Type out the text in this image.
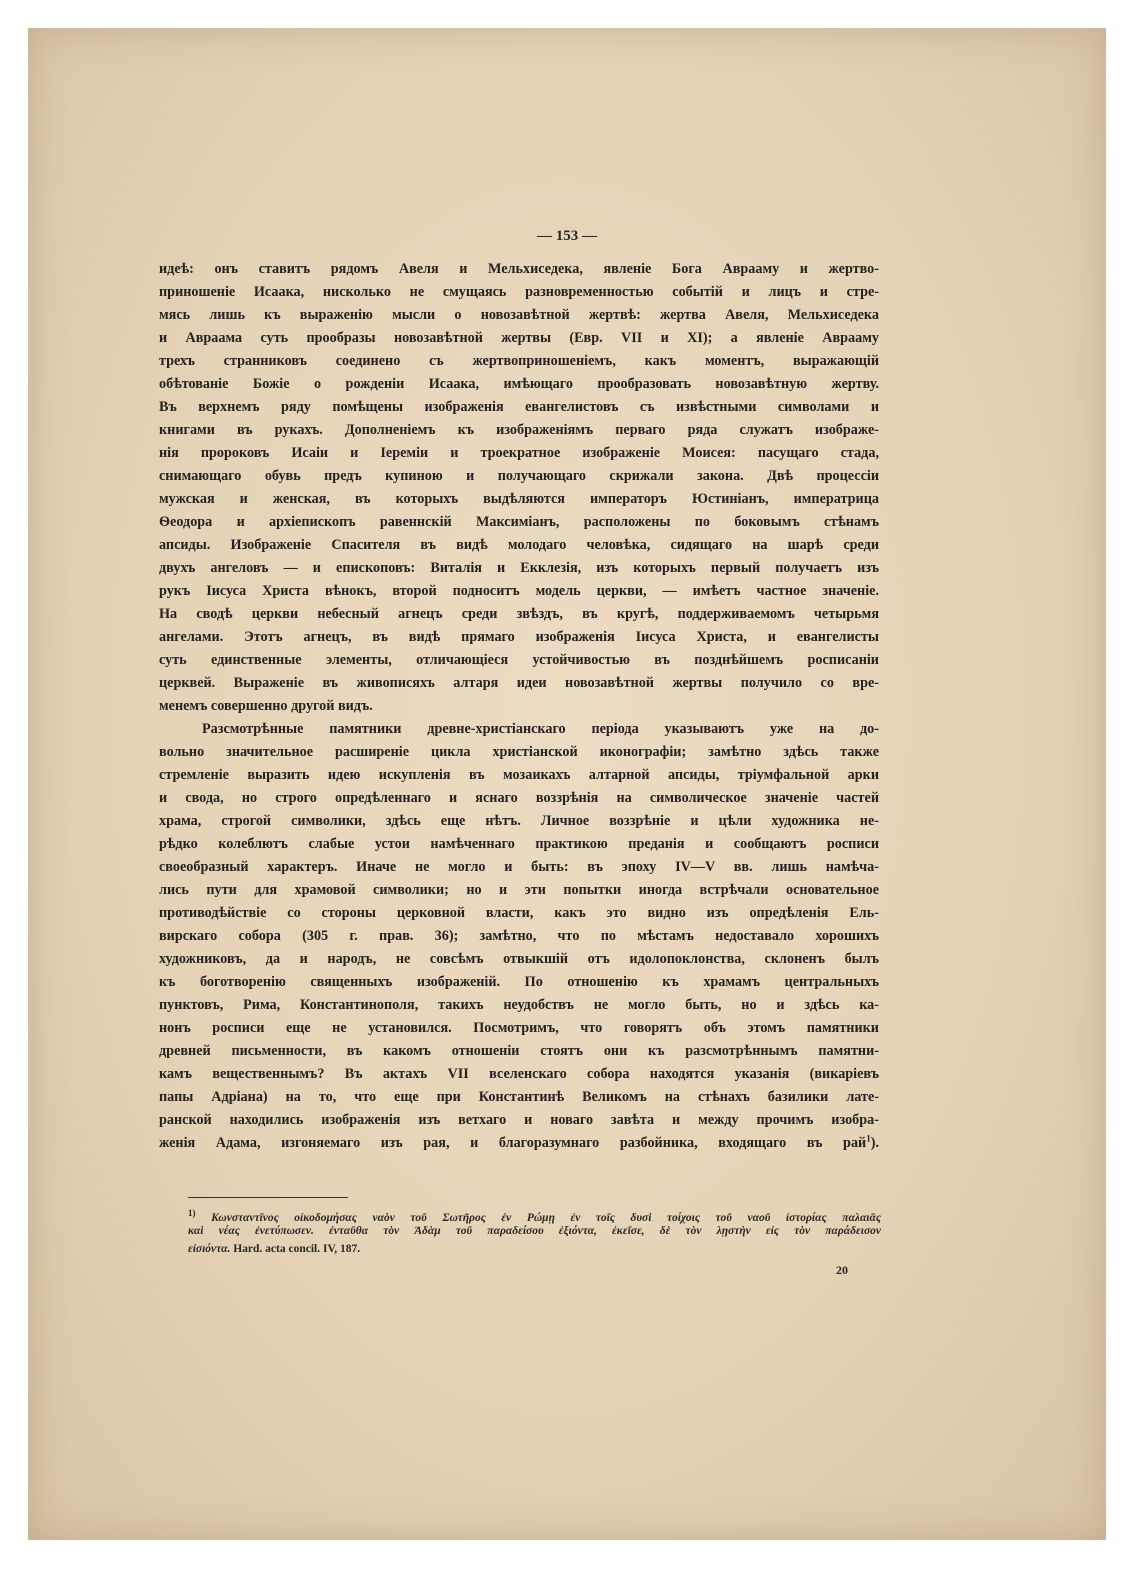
— 153 —
идеѣ: онъ ставитъ рядомъ Авеля и Мельхиседека, явленіе Бога Аврааму и жертво-
приношеніе Исаака, нисколько не смущаясь разновременностью событій и лицъ и стре-
мясь лишь къ выраженію мысли о новозавѣтной жертвѣ: жертва Авеля, Мельхиседека
и Авраама суть прообразы новозавѣтной жертвы (Евр. VII и XI); а явленіе Аврааму
трехъ странниковъ соединено съ жертвоприношеніемъ, какъ моментъ, выражающій
обѣтованіе Божіе о рожденіи Исаака, имѣющаго прообразовать новозавѣтную жертву.
Въ верхнемъ ряду помѣщены изображенія евангелистовъ съ извѣстными символами и
книгами въ рукахъ. Дополненіемъ къ изображеніямъ перваго ряда служатъ изображе-
нія пророковъ Исаіи и Іереміи и троекратное изображеніе Моисея: пасущаго стада,
снимающаго обувь предъ купиною и получающаго скрижали закона. Двѣ процессіи
мужская и женская, въ которыхъ выдѣляются императоръ Юстиніанъ, императрица
Ѳеодора и архіепископъ равеннскій Максиміанъ, расположены по боковымъ стѣнамъ
апсиды. Изображеніе Спасителя въ видѣ молодаго человѣка, сидящаго на шарѣ среди
двухъ ангеловъ — и епископовъ: Виталія и Екклезія, изъ которыхъ первый получаетъ изъ
рукъ Іисуса Христа вѣнокъ, второй подноситъ модель церкви, — имѣетъ частное значеніе.
На сводѣ церкви небесный агнецъ среди звѣздъ, въ кругѣ, поддерживаемомъ четырьмя
ангелами. Этотъ агнецъ, въ видѣ прямаго изображенія Іисуса Христа, и евангелисты
суть единственные элементы, отличающіеся устойчивостью въ позднѣйшемъ росписаніи
церквей. Выраженіе въ живописяхъ алтаря идеи новозавѣтной жертвы получило со вре-
менемъ совершенно другой видъ.
Разсмотрѣнные памятники древне-христіанскаго періода указываютъ уже на до-
вольно значительное расширеніе цикла христіанской иконографіи; замѣтно здѣсь также
стремленіе выразить идею искупленія въ мозаикахъ алтарной апсиды, тріумфальной арки
и свода, но строго опредѣленнаго и яснаго воззрѣнія на символическое значеніе частей
храма, строгой символики, здѣсь еще нѣтъ. Личное воззрѣніе и цѣли художника не-
рѣдко колеблютъ слабые устои намѣченнаго практикою преданія и сообщаютъ росписи
своеобразный характеръ. Иначе не могло и быть: въ эпоху IV—V вв. лишь намѣча-
лись пути для храмовой символики; но и эти попытки иногда встрѣчали основательное
противодѣйствіе со стороны церковной власти, какъ это видно изъ опредѣленія Ель-
вирскаго собора (305 г. прав. 36); замѣтно, что по мѣстамъ недоставало хорошихъ
художниковъ, да и народъ, не совсѣмъ отвыкшій отъ идолопоклонства, склоненъ былъ
къ боготворенію священныхъ изображеній. По отношенію къ храмамъ центральныхъ
пунктовъ, Рима, Константинополя, такихъ неудобствъ не могло быть, но и здѣсь ка-
нонъ росписи еще не установился. Посмотримъ, что говорятъ объ этомъ памятники
древней письменности, въ какомъ отношеніи стоятъ они къ разсмотрѣннымъ памятни-
камъ вещественнымъ? Въ актахъ VII вселенскаго собора находятся указанія (викаріевъ
папы Адріана) на то, что еще при Константинѣ Великомъ на стѣнахъ базилики лате-
ранской находились изображенія изъ ветхаго и новаго завѣта и между прочимъ изобра-
женія Адама, изгоняемаго изъ рая, и благоразумнаго разбойника, входящаго въ рай$^1$).
$^{1)}$ Κωνσταντῖνος οἰκοδομήσας ναὸν τοῦ Σωτῆρος ἐν Ρώμῃ ἐν τοῖς δυσὶ τοίχοις τοῦ ναοῦ ἱστορίας παλαιᾶς
καὶ νέας ἐνετύπωσεν. ἐνταῦθα τὸν Ἀδὰμ τοῦ παραδείσου ἐξιόντα, ἐκεῖσε, δὲ τὸν λῃστὴν εἰς τὸν παράδεισον
εἰσιόντα. Hard. acta concil. IV, 187.
20
